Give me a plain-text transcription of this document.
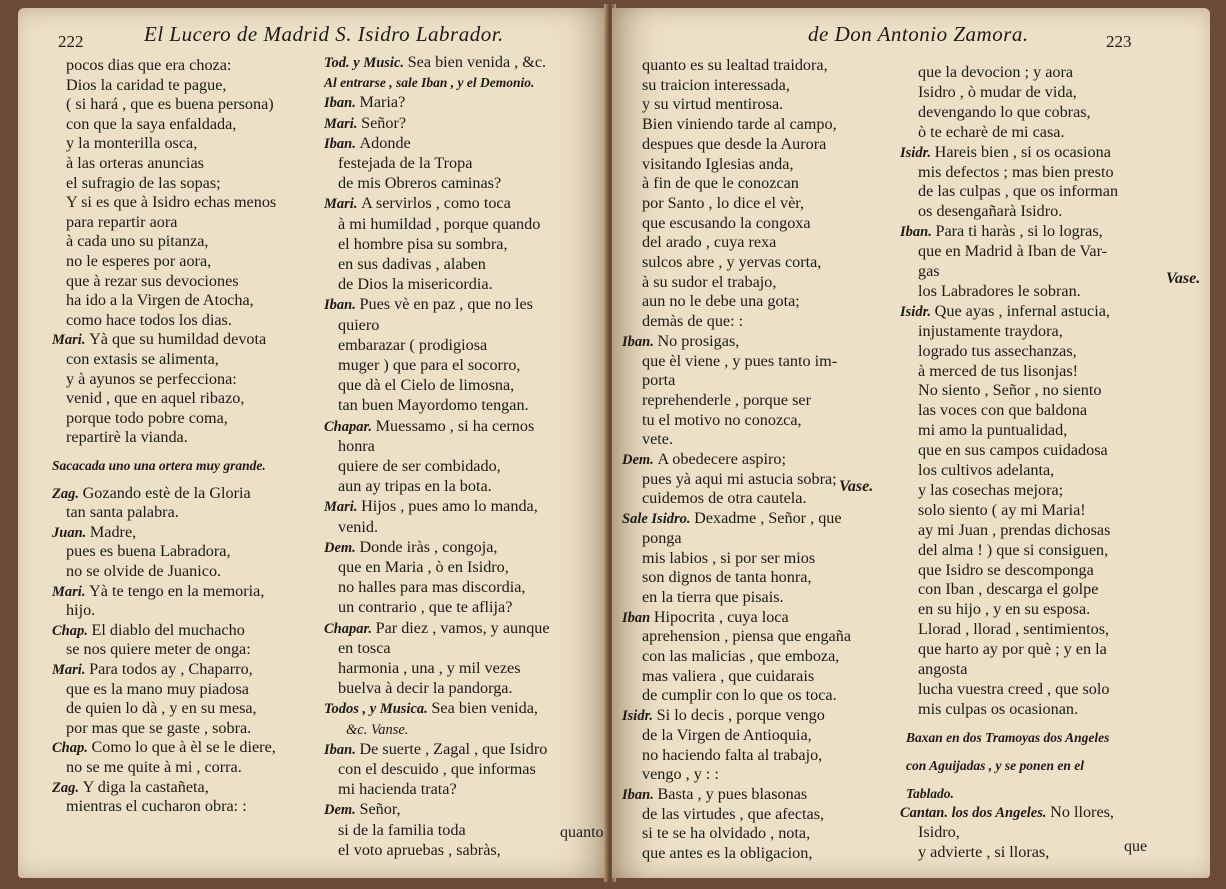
222	El Lucero de Madrid S. Isidro Labrador.
pocos dias que era choza:
Dios la caridad te pague,
( si hará , que es buena persona)
con que la saya enfaldada,
y la monterilla osca,
à las orteras anuncias
el sufragio de las sopas;
Y si es que à Isidro echas menos
para repartir aora
à cada uno su pitanza,
no le esperes por aora,
que à rezar sus devociones
ha ido a la Virgen de Atocha,
como hace todos los dias.
Mari. Yà que su humildad devota
con extasis se alimenta,
y à ayunos se perfecciona:
venid , que en aquel ribazo,
porque todo pobre coma,
repartirè la vianda.
Sacacada uno una ortera muy grande.
Zag. Gozando estè de la Gloria
tan santa palabra.
Juan. Madre,
pues es buena Labradora,
no se olvide de Juanico.
Mari. Yà te tengo en la memoria,
hijo.
Chap. El diablo del muchacho
se nos quiere meter de onga:
Mari. Para todos ay , Chaparro,
que es la mano muy piadosa
de quien lo dà , y en su mesa,
por mas que se gaste , sobra.
Chap. Como lo que à èl se le diere,
no se me quite à mi , corra.
Zag. Y diga la castañeta,
mientras el cucharon obra: :
Tod. y Music. Sea bien venida , &c.
Al entrarse , sale Iban , y el Demonio.
Iban. Maria?
Mari. Señor?
Iban. Adonde
festejada de la Tropa
de mis Obreros caminas?
Mari. A servirlos , como toca
à mi humildad , porque quando
el hombre pisa su sombra,
en sus dadivas , alaben
de Dios la misericordia.
Iban. Pues vè en paz , que no les
quiero
embarazar ( prodigiosa
muger ) que para el socorro,
que dà el Cielo de limosna,
tan buen Mayordomo tengan.
Chapar. Muessamo , si ha cernos
honra
quiere de ser combidado,
aun ay tripas en la bota.
Mari. Hijos , pues amo lo manda,
venid.
Dem. Donde iràs , congoja,
que en Maria , ò en Isidro,
no halles para mas discordia,
un contrario , que te aflija?
Chapar. Par diez , vamos, y aunque
en tosca
harmonia , una , y mil vezes
buelva à decir la pandorga.
Todos , y Musica. Sea bien venida,
&c. Vanse.
Iban. De suerte , Zagal , que Isidro
con el descuido , que informas
mi hacienda trata?
Dem. Señor,
si de la familia toda
el voto apruebas , sabràs,
quanto
de Don Antonio Zamora.	223
quanto es su lealtad traidora,
su traicion interessada,
y su virtud mentirosa.
Bien viniendo tarde al campo,
despues que desde la Aurora
visitando Iglesias anda,
à fin de que le conozcan
por Santo , lo dice el vèr,
que escusando la congoxa
del arado , cuya rexa
sulcos abre , y yervas corta,
à su sudor el trabajo,
aun no le debe una gota;
demàs de que: :
Iban. No prosigas,
que èl viene , y pues tanto im-
porta
reprehenderle , porque ser
tu el motivo no conozca,
vete.
Dem. A obedecere aspiro;
pues yà aqui mi astucia sobra;
cuidemos de otra cautela.
Sale Isidro. Dexadme , Señor , que
ponga
mis labios , si por ser mios
son dignos de tanta honra,
en la tierra que pisais.
Iban Hipocrita , cuya loca
aprehension , piensa que engaña
con las malicias , que emboza,
mas valiera , que cuidarais
de cumplir con lo que os toca.
Isidr. Si lo decis , porque vengo
de la Virgen de Antioquia,
no haciendo falta al trabajo,
vengo , y : :
Iban. Basta , y pues blasonas
de las virtudes , que afectas,
si te se ha olvidado , nota,
que antes es la obligacion,
que la devocion ; y aora
Isidro , ò mudar de vida,
devengando lo que cobras,
ò te echarè de mi casa.
Isidr. Hareis bien , si os ocasiona
mis defectos ; mas bien presto
de las culpas , que os informan
os desengañarà Isidro.
Iban. Para ti haràs , si lo logras,
que en Madrid à Iban de Var-
gas
los Labradores le sobran.
Isidr. Que ayas , infernal astucia,
injustamente traydora,
logrado tus assechanzas,
à merced de tus lisonjas!
No siento , Señor , no siento
las voces con que baldona
mi amo la puntualidad,
que en sus campos cuidadosa
los cultivos adelanta,
y las cosechas mejora;
solo siento ( ay mi Maria!
ay mi Juan , prendas dichosas
del alma ! ) que si consiguen,
que Isidro se descomponga
con Iban , descarga el golpe
en su hijo , y en su esposa.
Llorad , llorad , sentimientos,
que harto ay por què ; y en la
angosta
lucha vuestra creed , que solo
mis culpas os ocasionan.
Baxan en dos Tramoyas dos Angeles
con Aguijadas , y se ponen en el
Tablado.
Cantan. los dos Angeles. No llores,
Isidro,
y advierte , si lloras,
Vase.
Vase.
que
